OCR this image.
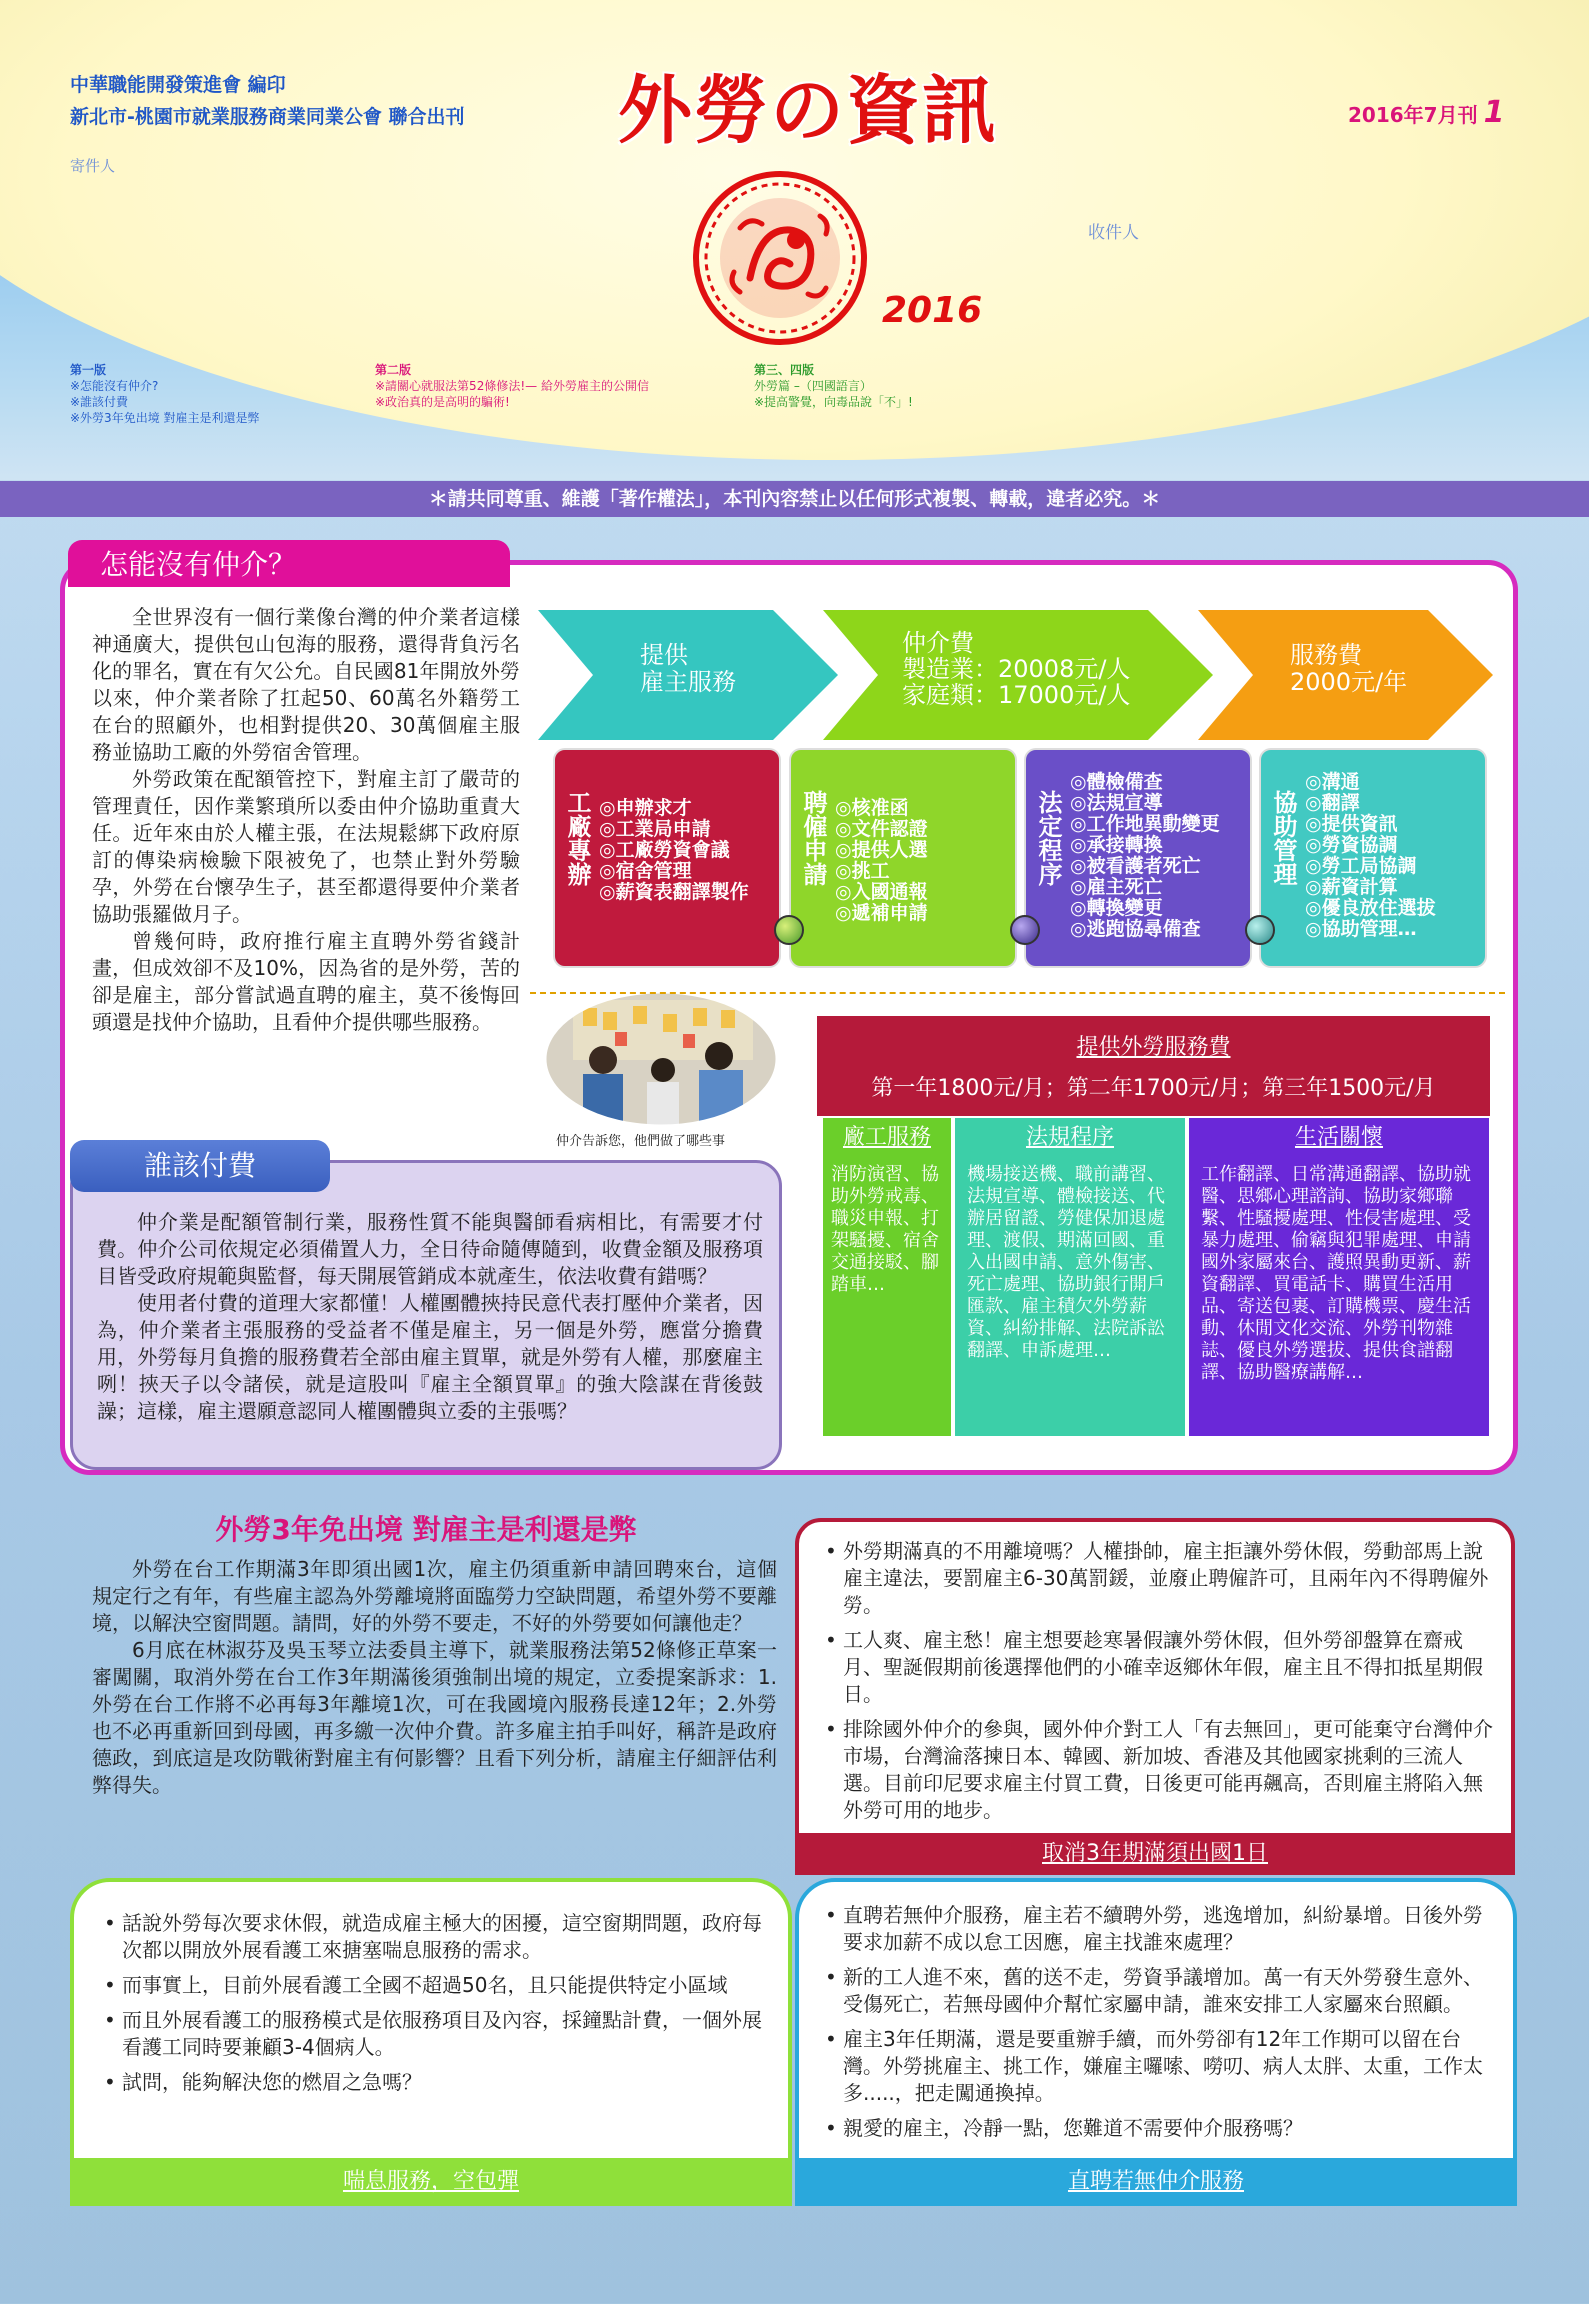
中華職能開發策進會 編印
新北市-桃園市就業服務商業同業公會 聯合出刊
寄件人
外勞の資訊	2016年7月刊 1
2016
收件人
第一版
※怎能沒有仲介?
※誰該付費
※外勞3年免出境 對雇主是利還是弊
第二版
※請關心就服法第52條修法!— 給外勞雇主的公開信
※政治真的是高明的騙術!
第三、四版
外勞篇 –（四國語言）
※提高警覺，向毒品說「不」!
＊請共同尊重、維護「著作權法」，本刊內容禁止以任何形式複製、轉載，違者必究。＊
怎能沒有仲介？

全世界沒有一個行業像台灣的仲介業者這樣神通廣大，提供包山包海的服務，還得背負污名化的罪名，實在有欠公允。自民國81年開放外勞以來，仲介業者除了扛起50、60萬名外籍勞工在台的照顧外，也相對提供20、30萬個雇主服務並協助工廠的外勞宿舍管理。

外勞政策在配額管控下，對雇主訂了嚴苛的管理責任，因作業繁瑣所以委由仲介協助重責大任。近年來由於人權主張，在法規鬆綁下政府原訂的傳染病檢驗下限被免了，也禁止對外勞驗孕，外勞在台懷孕生子，甚至都還得要仲介業者協助張羅做月子。

曾幾何時，政府推行雇主直聘外勞省錢計畫，但成效卻不及10%，因為省的是外勞，苦的卻是雇主，部分嘗試過直聘的雇主，莫不後悔回頭還是找仲介協助，且看仲介提供哪些服務。

仲介告訴您，他們做了哪些事
提供
雇主服務
仲介費
製造業：20008元/人
家庭類：17000元/人
服務費
2000元/年
工廠專辦 ◎申辦求才
◎工業局申請
◎工廠勞資會議
◎宿舍管理
◎薪資表翻譯製作
聘僱申請 ◎核准函
◎文件認證
◎提供人選
◎挑工
◎入國通報
◎遞補申請
法定程序
◎體檢備查
◎法規宣導
◎工作地異動變更
◎承接轉換
◎被看護者死亡
◎雇主死亡
◎轉換變更
◎逃跑協尋備查
協助管理
◎溝通
◎翻譯
◎提供資訊
◎勞資協調
◎勞工局協調
◎薪資計算
◎優良放住選拔
◎協助管理…
提供外勞服務費
第一年1800元/月；第二年1700元/月；第三年1500元/月
廠工服務
消防演習、協助外勞戒毒、職災申報、打架騷擾、宿舍交通接駁、腳踏車…
法規程序
機場接送機、職前講習、法規宣導、體檢接送、代辦居留證、勞健保加退處理、渡假、期滿回國、重入出國申請、意外傷害、死亡處理、協助銀行開戶匯款、雇主積欠外勞薪資、糾紛排解、法院訴訟翻譯、申訴處理…
生活關懷
工作翻譯、日常溝通翻譯、協助就醫、思鄉心理諮詢、協助家鄉聯繫、性騷擾處理、性侵害處理、受暴力處理、偷竊與犯罪處理、申請國外家屬來台、護照異動更新、薪資翻譯、買電話卡、購買生活用品、寄送包裹、訂購機票、慶生活動、休閒文化交流、外勞刊物雜誌、優良外勞選拔、提供食譜翻譯、協助醫療講解…

仲介業是配額管制行業，服務性質不能與醫師看病相比，有需要才付費。仲介公司依規定必須備置人力，全日待命隨傳隨到，收費金額及服務項目皆受政府規範與監督，每天開展管銷成本就產生，依法收費有錯嗎？

使用者付費的道理大家都懂！人權團體挾持民意代表打壓仲介業者，因為，仲介業者主張服務的受益者不僅是雇主，另一個是外勞，應當分擔費用，外勞每月負擔的服務費若全部由雇主買單，就是外勞有人權，那麼雇主咧！挾天子以令諸侯，就是這股叫『雇主全額買單』的強大陰謀在背後鼓譟；這樣，雇主還願意認同人權團體與立委的主張嗎？

誰該付費
外勞3年免出境 對雇主是利還是弊

外勞在台工作期滿3年即須出國1次，雇主仍須重新申請回聘來台，這個規定行之有年，有些雇主認為外勞離境將面臨勞力空缺問題，希望外勞不要離境，以解決空窗問題。請問，好的外勞不要走，不好的外勞要如何讓他走？

6月底在林淑芬及吳玉琴立法委員主導下，就業服務法第52條修正草案一審闖關，取消外勞在台工作3年期滿後須強制出境的規定，立委提案訴求：1.外勞在台工作將不必再每3年離境1次，可在我國境內服務長達12年；2.外勞也不必再重新回到母國，再多繳一次仲介費。許多雇主拍手叫好，稱許是政府德政，到底這是攻防戰術對雇主有何影響？且看下列分析，請雇主仔細評估利弊得失。

• 外勞期滿真的不用離境嗎？人權掛帥，雇主拒讓外勞休假，勞動部馬上說雇主違法，要罰雇主6-30萬罰鍰，並廢止聘僱許可，且兩年內不得聘僱外勞。
• 工人爽、雇主愁！雇主想要趁寒暑假讓外勞休假，但外勞卻盤算在齋戒月、聖誕假期前後選擇他們的小確幸返鄉休年假，雇主且不得扣抵星期假日。
• 排除國外仲介的參與，國外仲介對工人「有去無回」，更可能棄守台灣仲介市場，台灣淪落揀日本、韓國、新加坡、香港及其他國家挑剩的三流人選。目前印尼要求雇主付買工費，日後更可能再飆高，否則雇主將陷入無外勞可用的地步。
取消3年期滿須出國1日
• 話說外勞每次要求休假，就造成雇主極大的困擾，這空窗期問題，政府每次都以開放外展看護工來搪塞喘息服務的需求。
• 而事實上，目前外展看護工全國不超過50名，且只能提供特定小區域
• 而且外展看護工的服務模式是依服務項目及內容，採鐘點計費，一個外展看護工同時要兼顧3-4個病人。
• 試問，能夠解決您的燃眉之急嗎？
喘息服務，空包彈
• 直聘若無仲介服務，雇主若不續聘外勞，逃逸增加，糾紛暴增。日後外勞要求加薪不成以怠工因應，雇主找誰來處理？
• 新的工人進不來，舊的送不走，勞資爭議增加。萬一有天外勞發生意外、受傷死亡，若無母國仲介幫忙家屬申請，誰來安排工人家屬來台照顧。
• 雇主3年任期滿，還是要重辦手續，而外勞卻有12年工作期可以留在台灣。外勞挑雇主、挑工作，嫌雇主囉嗦、嘮叨、病人太胖、太重，工作太多.....，把走闖通換掉。
• 親愛的雇主，冷靜一點，您難道不需要仲介服務嗎？
直聘若無仲介服務
